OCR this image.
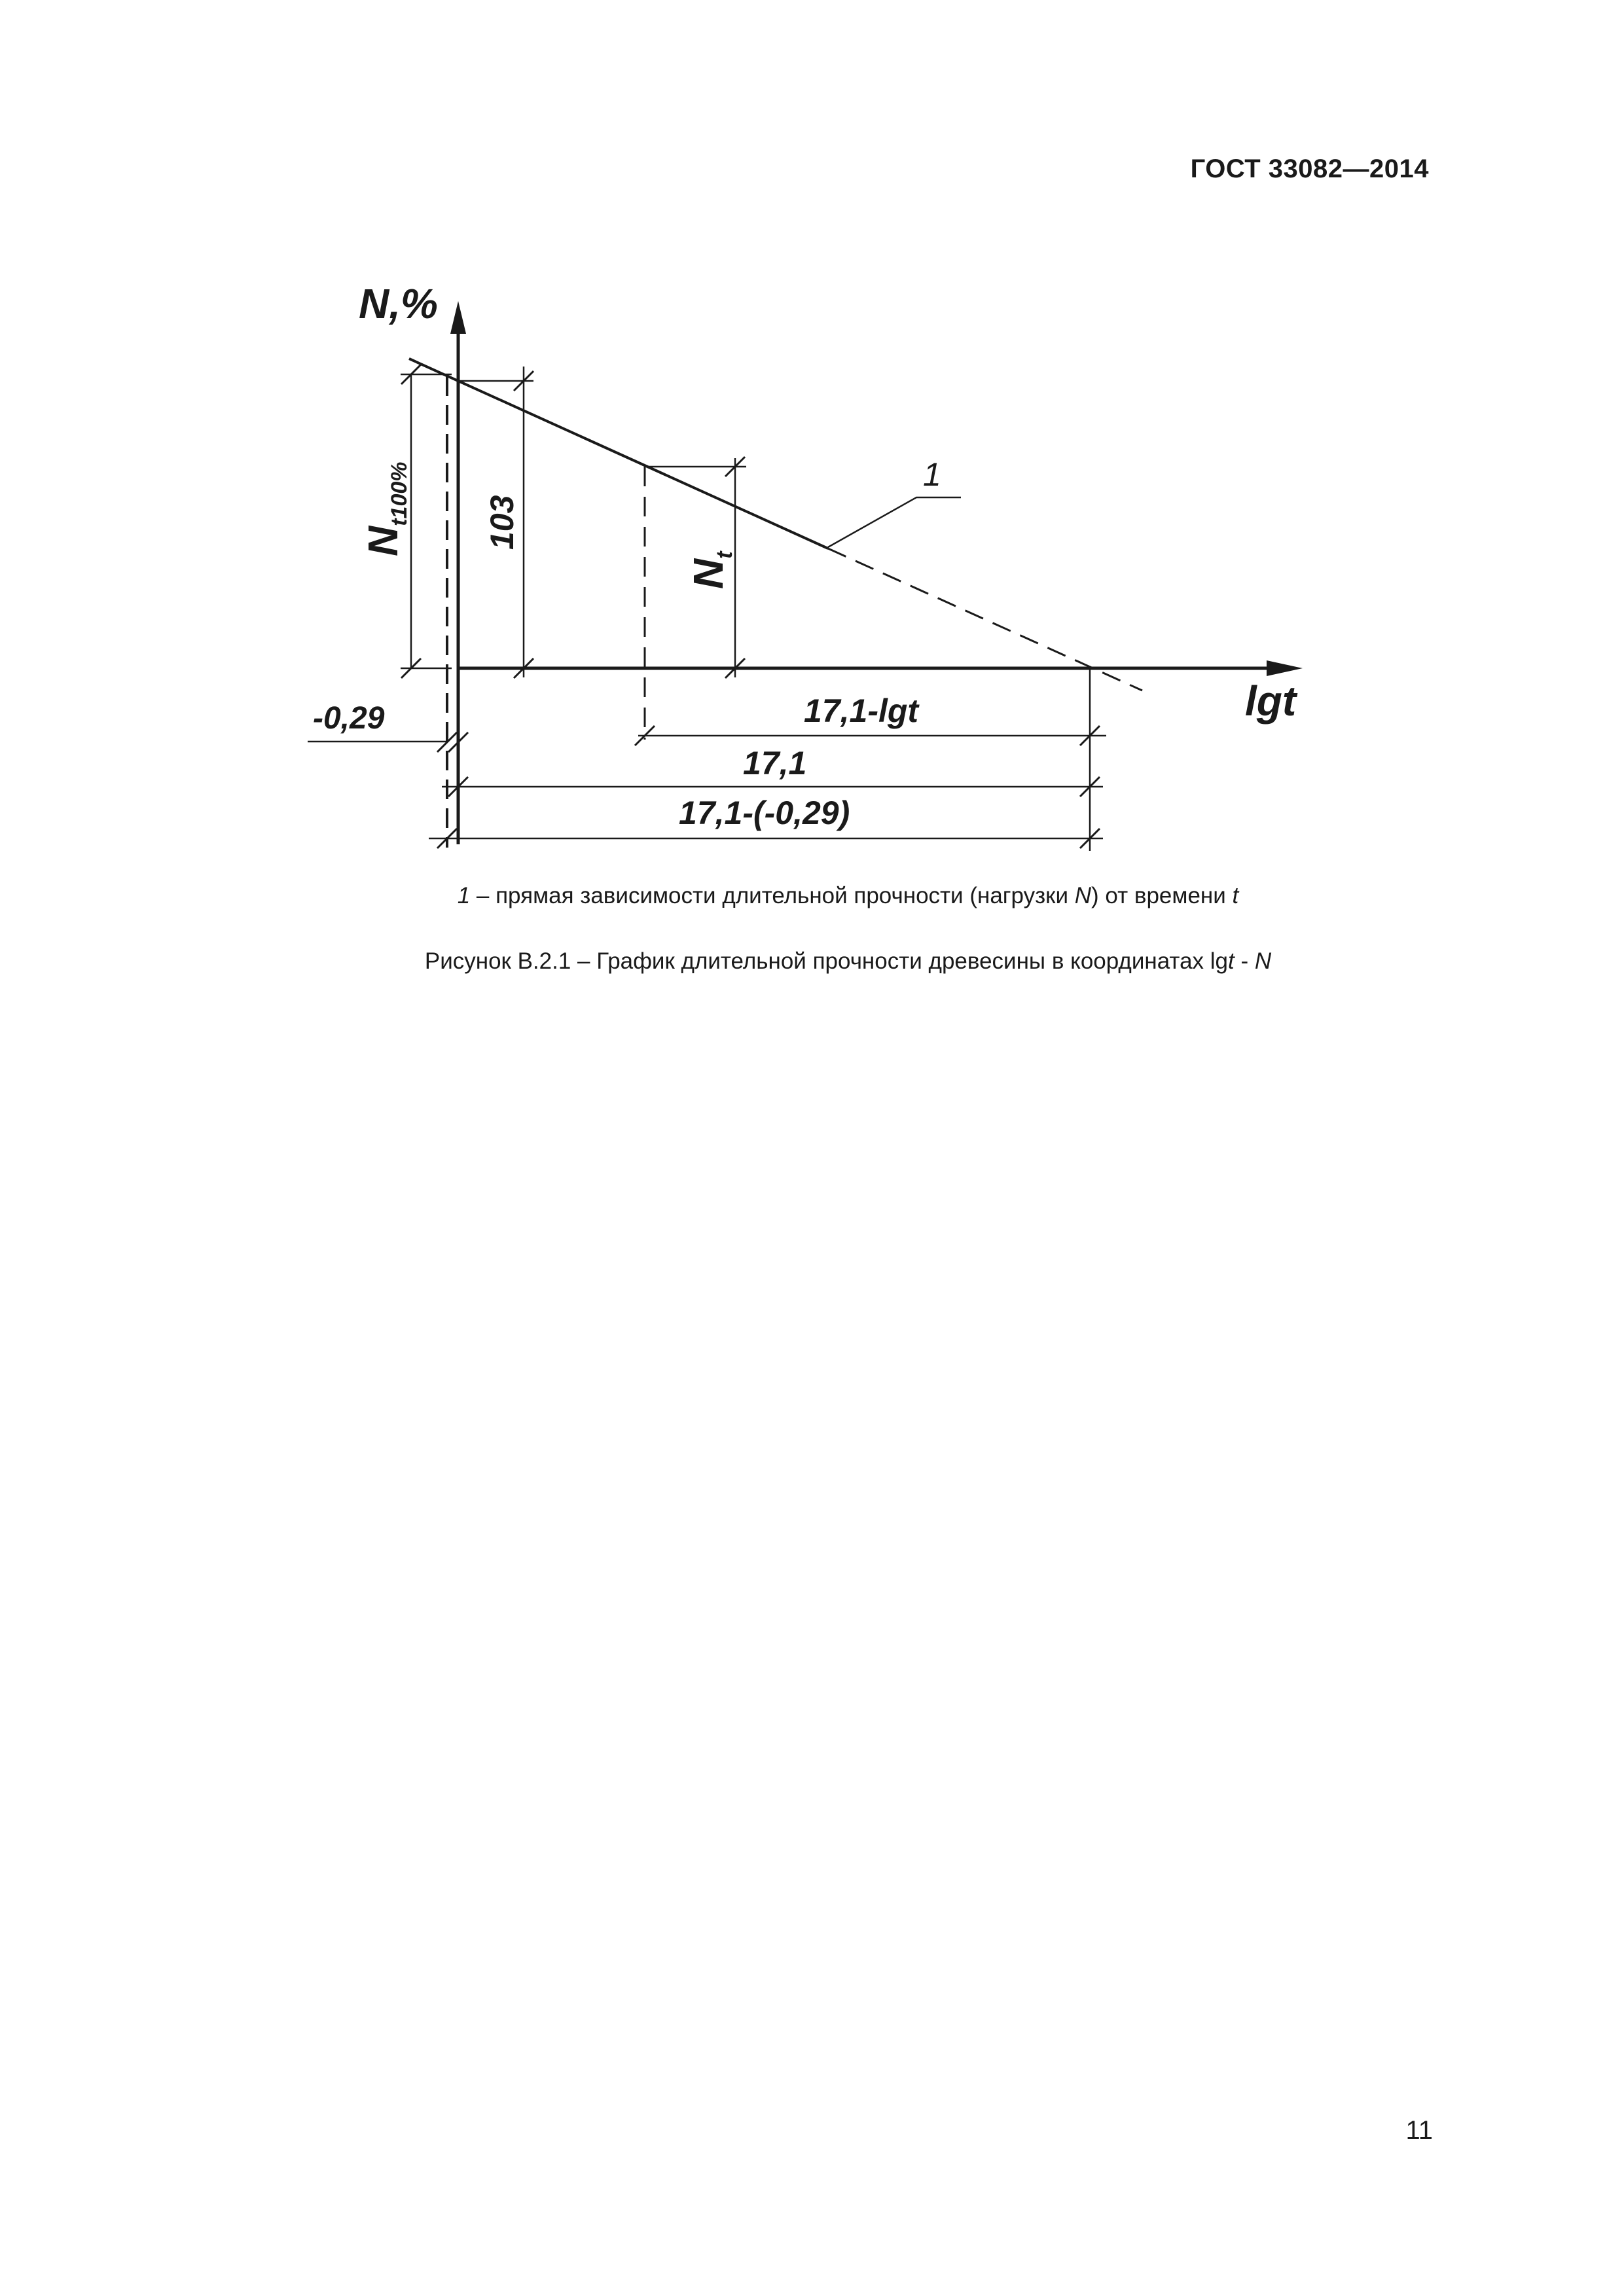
ГОСТ 33082—2014
N,%
lgt
1
$N_{t100\%}$ 103
$N_t$
-0,29	17,1-lgt
17,1
17,1-(-0,29)
1 – прямая зависимости длительной прочности (нагрузки N) от времени t
Рисунок В.2.1 – График длительной прочности древесины в координатах lgt - N
11
